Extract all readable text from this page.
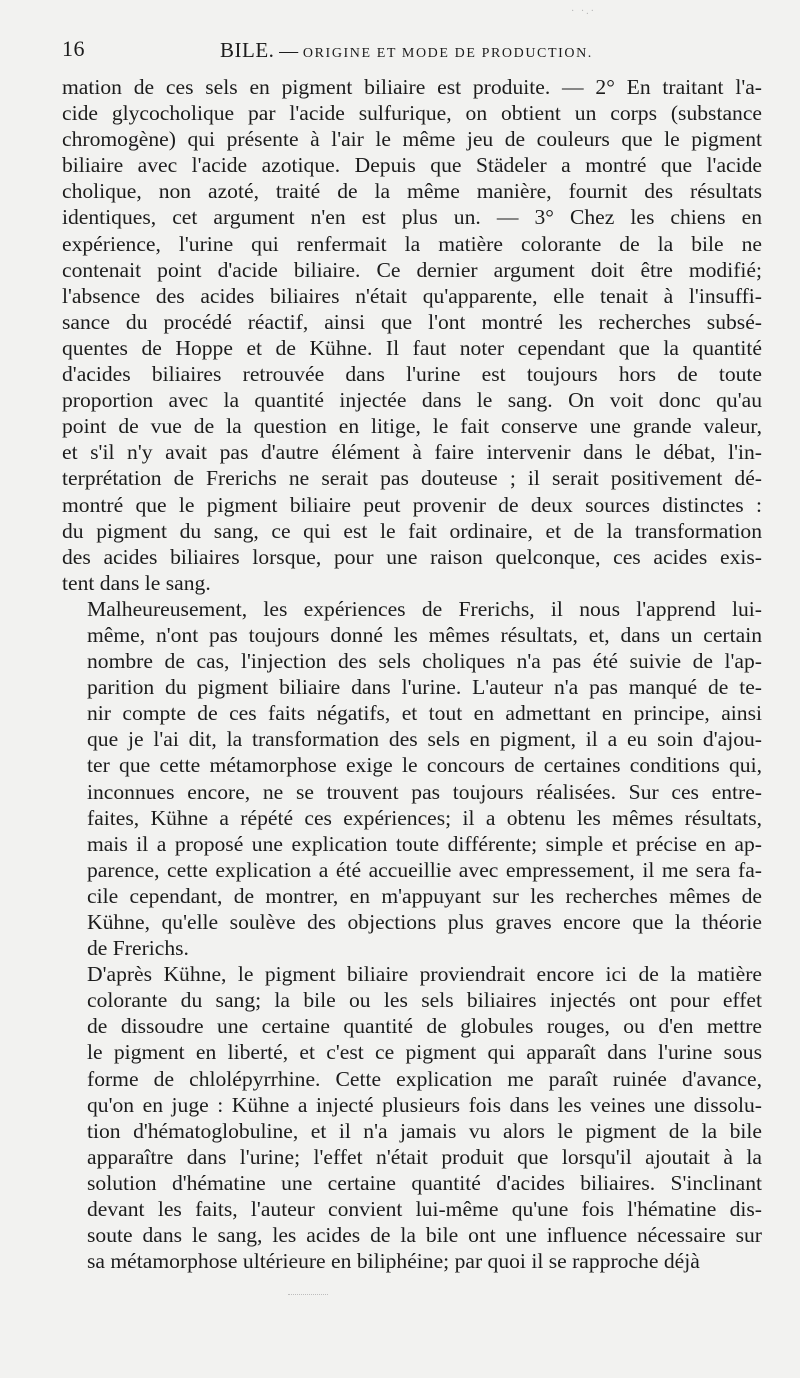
· ·.·
16	BILE. — ORIGINE ET MODE DE PRODUCTION.

mation de ces sels en pigment biliaire est produite. — 2° En traitant l'a-
cide glycocholique par l'acide sulfurique, on obtient un corps (substance
chromogène) qui présente à l'air le même jeu de couleurs que le pigment
biliaire avec l'acide azotique. Depuis que Städeler a montré que l'acide
cholique, non azoté, traité de la même manière, fournit des résultats
identiques, cet argument n'en est plus un. — 3° Chez les chiens en
expérience, l'urine qui renfermait la matière colorante de la bile ne
contenait point d'acide biliaire. Ce dernier argument doit être modifié;
l'absence des acides biliaires n'était qu'apparente, elle tenait à l'insuffi-
sance du procédé réactif, ainsi que l'ont montré les recherches subsé-
quentes de Hoppe et de Kühne. Il faut noter cependant que la quantité
d'acides biliaires retrouvée dans l'urine est toujours hors de toute
proportion avec la quantité injectée dans le sang. On voit donc qu'au
point de vue de la question en litige, le fait conserve une grande valeur,
et s'il n'y avait pas d'autre élément à faire intervenir dans le débat, l'in-
terprétation de Frerichs ne serait pas douteuse ; il serait positivement dé-
montré que le pigment biliaire peut provenir de deux sources distinctes :
du pigment du sang, ce qui est le fait ordinaire, et de la transformation
des acides biliaires lorsque, pour une raison quelconque, ces acides exis-
tent dans le sang.

Malheureusement, les expériences de Frerichs, il nous l'apprend lui-
même, n'ont pas toujours donné les mêmes résultats, et, dans un certain
nombre de cas, l'injection des sels choliques n'a pas été suivie de l'ap-
parition du pigment biliaire dans l'urine. L'auteur n'a pas manqué de te-
nir compte de ces faits négatifs, et tout en admettant en principe, ainsi
que je l'ai dit, la transformation des sels en pigment, il a eu soin d'ajou-
ter que cette métamorphose exige le concours de certaines conditions qui,
inconnues encore, ne se trouvent pas toujours réalisées. Sur ces entre-
faites, Kühne a répété ces expériences; il a obtenu les mêmes résultats,
mais il a proposé une explication toute différente; simple et précise en ap-
parence, cette explication a été accueillie avec empressement, il me sera fa-
cile cependant, de montrer, en m'appuyant sur les recherches mêmes de
Kühne, qu'elle soulève des objections plus graves encore que la théorie
de Frerichs.

D'après Kühne, le pigment biliaire proviendrait encore ici de la matière
colorante du sang; la bile ou les sels biliaires injectés ont pour effet
de dissoudre une certaine quantité de globules rouges, ou d'en mettre
le pigment en liberté, et c'est ce pigment qui apparaît dans l'urine sous
forme de chlolépyrrhine. Cette explication me paraît ruinée d'avance,
qu'on en juge : Kühne a injecté plusieurs fois dans les veines une dissolu-
tion d'hématoglobuline, et il n'a jamais vu alors le pigment de la bile
apparaître dans l'urine; l'effet n'était produit que lorsqu'il ajoutait à la
solution d'hématine une certaine quantité d'acides biliaires. S'inclinant
devant les faits, l'auteur convient lui-même qu'une fois l'hématine dis-
soute dans le sang, les acides de la bile ont une influence nécessaire sur
sa métamorphose ultérieure en biliphéine; par quoi il se rapproche déjà
